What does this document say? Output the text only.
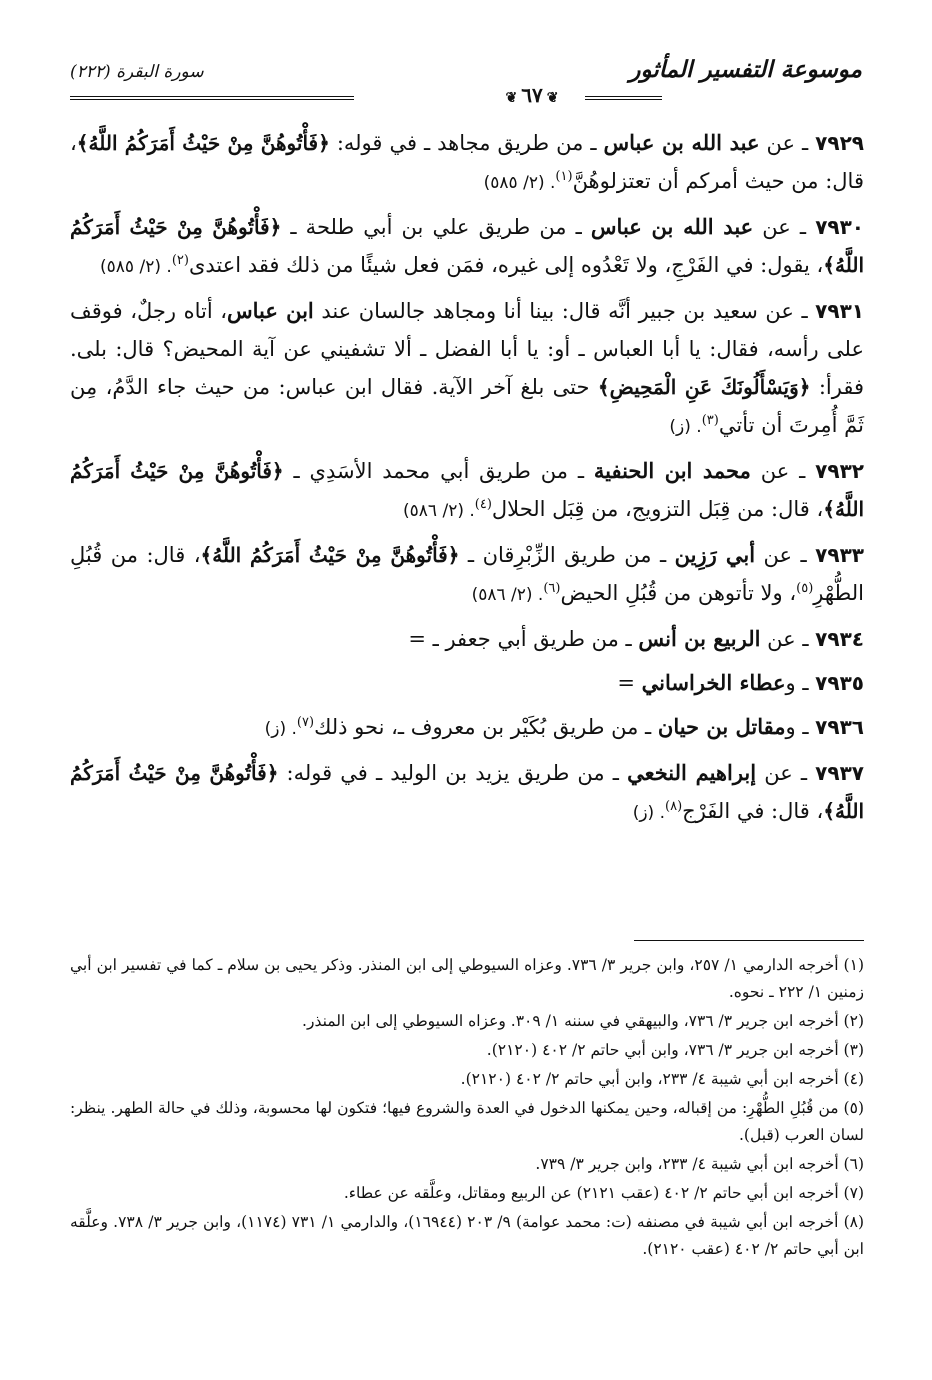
موسوعة التفسير المأثور
❦٦٧❦
سورة البقرة (٢٢٢)

٧٩٢٩ ـ عن عبد الله بن عباس ـ من طريق مجاهد ـ في قوله: ﴿فَأْتُوهُنَّ مِنْ حَيْثُ أَمَرَكُمُ اللَّهُ﴾، قال: من حيث أمركم أن تعتزلوهُنَّ$^{(١)}$. (٢/ ٥٨٥)

٧٩٣٠ ـ عن عبد الله بن عباس ـ من طريق علي بن أبي طلحة ـ ﴿فَأْتُوهُنَّ مِنْ حَيْثُ أَمَرَكُمُ اللَّهُ﴾، يقول: في الفَرْجِ، ولا تَعْدُوه إلى غيره، فمَن فعل شيئًا من ذلك فقد اعتدى$^{(٢)}$. (٢/ ٥٨٥)

٧٩٣١ ـ عن سعيد بن جبير أنَّه قال: بينا أنا ومجاهد جالسان عند ابن عباس، أتاه رجلٌ، فوقف على رأسه، فقال: يا أبا العباس ـ أو: يا أبا الفضل ـ ألا تشفيني عن آية المحيض؟ قال: بلى. فقرأ: ﴿وَيَسْأَلُونَكَ عَنِ الْمَحِيضِ﴾ حتى بلغ آخر الآية. فقال ابن عباس: من حيث جاء الدَّمُ، مِن ثَمَّ أُمِرتَ أن تأتي$^{(٣)}$. (ز)

٧٩٣٢ ـ عن محمد ابن الحنفية ـ من طريق أبي محمد الأسَدِي ـ ﴿فَأْتُوهُنَّ مِنْ حَيْثُ أَمَرَكُمُ اللَّهُ﴾، قال: من قِبَل التزويج، من قِبَل الحلال$^{(٤)}$. (٢/ ٥٨٦)

٧٩٣٣ ـ عن أبي رَزِين ـ من طريق الزِّبْرِقان ـ ﴿فَأْتُوهُنَّ مِنْ حَيْثُ أَمَرَكُمُ اللَّهُ﴾، قال: من قُبُلِ الطُّهْرِ$^{(٥)}$، ولا تأتوهن من قُبُلِ الحيض$^{(٦)}$. (٢/ ٥٨٦)

٧٩٣٤ ـ عن الربيع بن أنس ـ من طريق أبي جعفر ـ =

٧٩٣٥ ـ وعطاء الخراساني =

٧٩٣٦ ـ ومقاتل بن حيان ـ من طريق بُكَيْر بن معروف ـ، نحو ذلك$^{(٧)}$. (ز)

٧٩٣٧ ـ عن إبراهيم النخعي ـ من طريق يزيد بن الوليد ـ في قوله: ﴿فَأْتُوهُنَّ مِنْ حَيْثُ أَمَرَكُمُ اللَّهُ﴾، قال: في الفَرْج$^{(٨)}$. (ز)

(١) أخرجه الدارمي ١/ ٢٥٧، وابن جرير ٣/ ٧٣٦. وعزاه السيوطي إلى ابن المنذر. وذكر يحيى بن سلام ـ كما في تفسير ابن أبي زمنين ١/ ٢٢٢ ـ نحوه.

(٢) أخرجه ابن جرير ٣/ ٧٣٦، والبيهقي في سننه ١/ ٣٠٩. وعزاه السيوطي إلى ابن المنذر.

(٣) أخرجه ابن جرير ٣/ ٧٣٦، وابن أبي حاتم ٢/ ٤٠٢ (٢١٢٠).

(٤) أخرجه ابن أبي شيبة ٤/ ٢٣٣، وابن أبي حاتم ٢/ ٤٠٢ (٢١٢٠).

(٥) من قُبُلِ الطُّهْرِ: من إقباله، وحين يمكنها الدخول في العدة والشروع فيها؛ فتكون لها محسوبة، وذلك في حالة الطهر. ينظر: لسان العرب (قبل).

(٦) أخرجه ابن أبي شيبة ٤/ ٢٣٣، وابن جرير ٣/ ٧٣٩.

(٧) أخرجه ابن أبي حاتم ٢/ ٤٠٢ (عقب ٢١٢١) عن الربيع ومقاتل، وعلَّقه عن عطاء.

(٨) أخرجه ابن أبي شيبة في مصنفه (ت: محمد عوامة) ٩/ ٢٠٣ (١٦٩٤٤)، والدارمي ١/ ٧٣١ (١١٧٤)، وابن جرير ٣/ ٧٣٨. وعلَّقه ابن أبي حاتم ٢/ ٤٠٢ (عقب ٢١٢٠).
